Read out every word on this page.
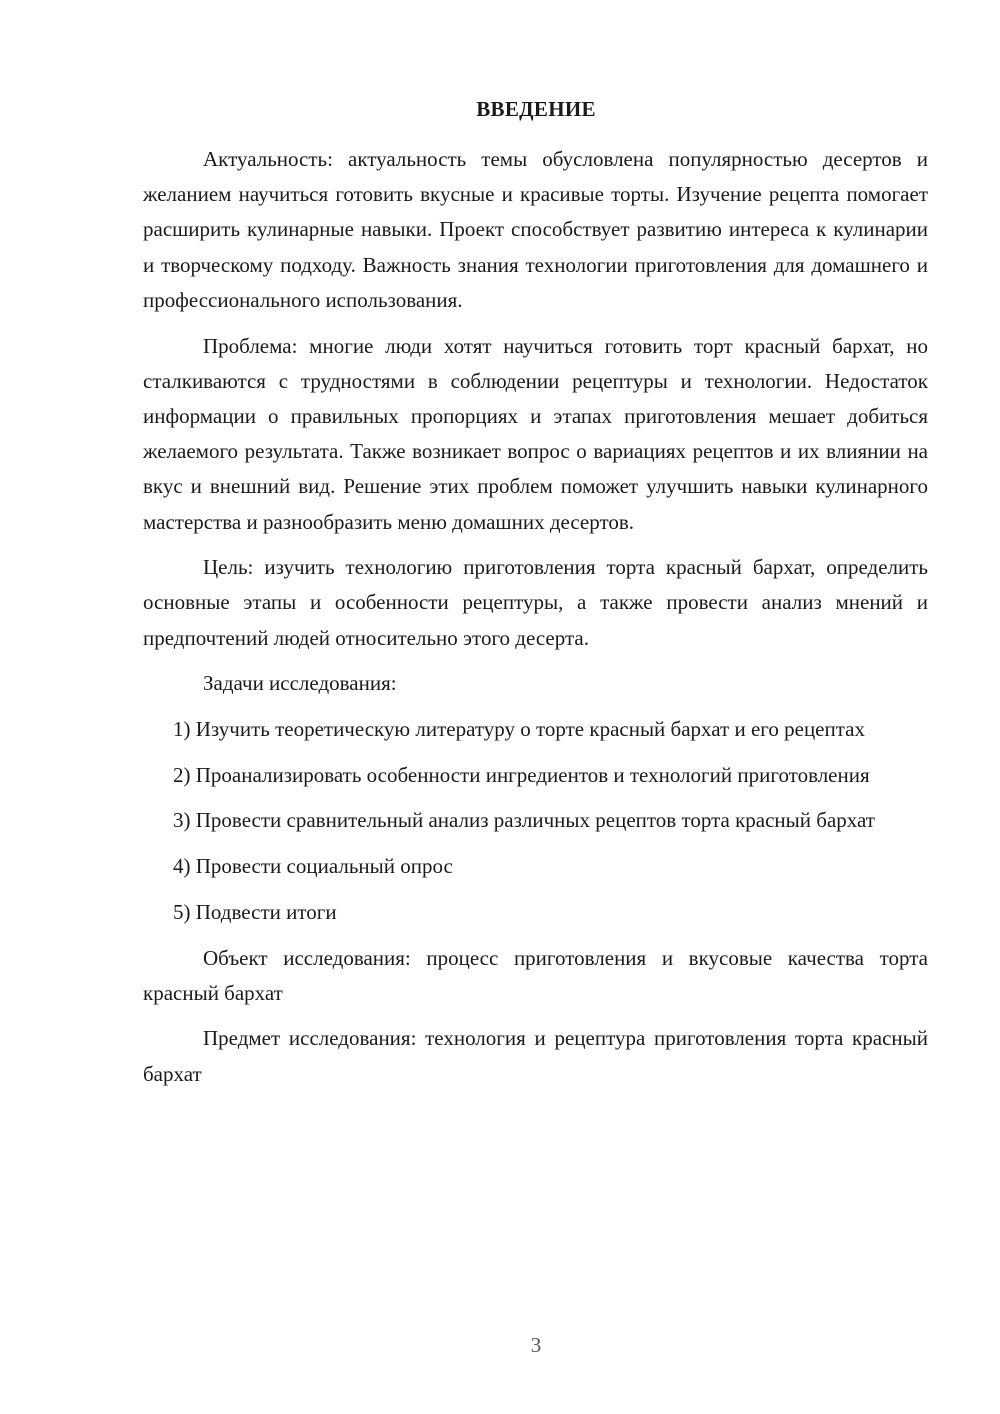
ВВЕДЕНИЕ

Актуальность: актуальность темы обусловлена популярностью десертов и желанием научиться готовить вкусные и красивые торты. Изучение рецепта помогает расширить кулинарные навыки. Проект способствует развитию интереса к кулинарии и творческому подходу. Важность знания технологии приготовления для домашнего и профессионального использования.

Проблема: многие люди хотят научиться готовить торт красный бархат, но сталкиваются с трудностями в соблюдении рецептуры и технологии. Недостаток информации о правильных пропорциях и этапах приготовления мешает добиться желаемого результата. Также возникает вопрос о вариациях рецептов и их влиянии на вкус и внешний вид. Решение этих проблем поможет улучшить навыки кулинарного мастерства и разнообразить меню домашних десертов.

Цель: изучить технологию приготовления торта красный бархат, определить основные этапы и особенности рецептуры, а также провести анализ мнений и предпочтений людей относительно этого десерта.

Задачи исследования:

1) Изучить теоретическую литературу о торте красный бархат и его рецептах

2) Проанализировать особенности ингредиентов и технологий приготовления

3) Провести сравнительный анализ различных рецептов торта красный бархат

4) Провести социальный опрос

5) Подвести итоги

Объект исследования: процесс приготовления и вкусовые качества торта красный бархат

Предмет исследования: технология и рецептура приготовления торта красный бархат

3
